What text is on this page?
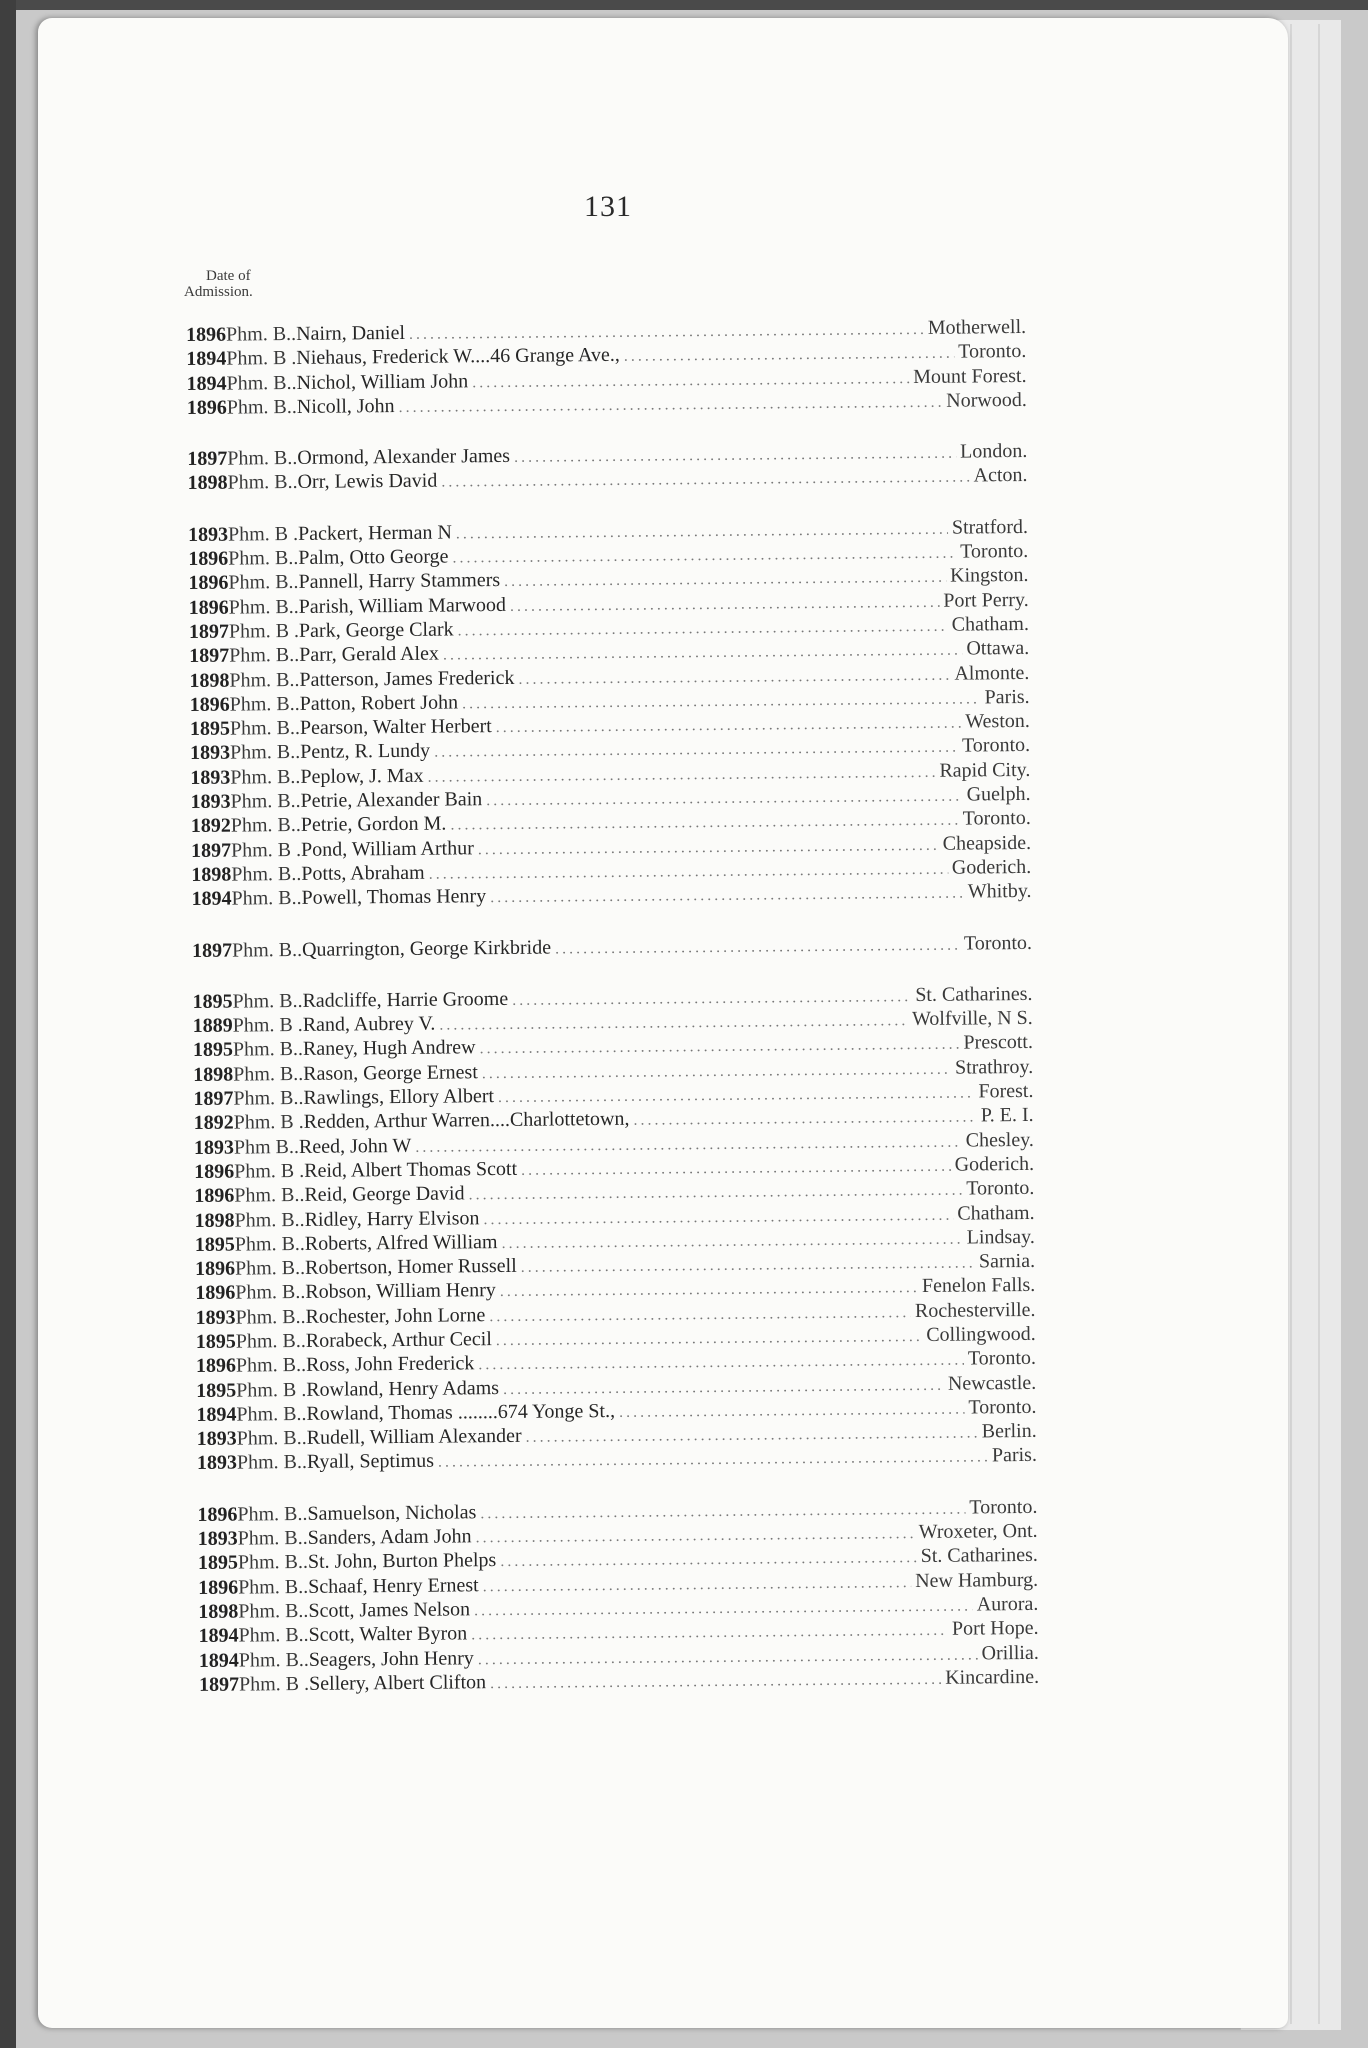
131
Date of
Admission.
1896 Phm. B.. Nairn, Daniel .....	Motherwell.
1894 Phm. B . Niehaus, Frederick W....46 Grange Ave., .....	Toronto.
1894 Phm. B.. Nichol, William John .....	Mount Forest.
1896 Phm. B.. Nicoll, John .....	Norwood.
1897 Phm. B.. Ormond, Alexander James .....	London.
1898 Phm. B.. Orr, Lewis David .....	Acton.
1893 Phm. B . Packert, Herman N .....	Stratford.
1896 Phm. B.. Palm, Otto George .....	Toronto.
1896 Phm. B.. Pannell, Harry Stammers .....	Kingston.
1896 Phm. B.. Parish, William Marwood .....	Port Perry.
1897 Phm. B . Park, George Clark .....	Chatham.
1897 Phm. B.. Parr, Gerald Alex .....	Ottawa.
1898 Phm. B.. Patterson, James Frederick .....	Almonte.
1896 Phm. B.. Patton, Robert John .....	Paris.
1895 Phm. B.. Pearson, Walter Herbert .....	Weston.
1893 Phm. B.. Pentz, R. Lundy .....	Toronto.
1893 Phm. B.. Peplow, J. Max .....	Rapid City.
1893 Phm. B.. Petrie, Alexander Bain .....	Guelph.
1892 Phm. B.. Petrie, Gordon M. .....	Toronto.
1897 Phm. B . Pond, William Arthur .....	Cheapside.
1898 Phm. B.. Potts, Abraham .....	Goderich.
1894 Phm. B.. Powell, Thomas Henry .....	Whitby.
1897 Phm. B.. Quarrington, George Kirkbride .....	Toronto.
1895 Phm. B.. Radcliffe, Harrie Groome .....	St. Catharines.
1889 Phm. B . Rand, Aubrey V. .....	Wolfville, N S.
1895 Phm. B.. Raney, Hugh Andrew .....	Prescott.
1898 Phm. B.. Rason, George Ernest .....	Strathroy.
1897 Phm. B.. Rawlings, Ellory Albert .....	Forest.
1892 Phm. B . Redden, Arthur Warren....Charlottetown, .....	P. E. I.
1893 Phm B.. Reed, John W .....	Chesley.
1896 Phm. B . Reid, Albert Thomas Scott .....	Goderich.
1896 Phm. B.. Reid, George David .....	Toronto.
1898 Phm. B.. Ridley, Harry Elvison .....	Chatham.
1895 Phm. B.. Roberts, Alfred William .....	Lindsay.
1896 Phm. B.. Robertson, Homer Russell .....	Sarnia.
1896 Phm. B.. Robson, William Henry .....	Fenelon Falls.
1893 Phm. B.. Rochester, John Lorne .....	Rochesterville.
1895 Phm. B.. Rorabeck, Arthur Cecil .....	Collingwood.
1896 Phm. B.. Ross, John Frederick .....	Toronto.
1895 Phm. B . Rowland, Henry Adams .....	Newcastle.
1894 Phm. B.. Rowland, Thomas ........674 Yonge St., .....	Toronto.
1893 Phm. B.. Rudell, William Alexander .....	Berlin.
1893 Phm. B.. Ryall, Septimus .....	Paris.
1896 Phm. B.. Samuelson, Nicholas .....	Toronto.
1893 Phm. B.. Sanders, Adam John .....	Wroxeter, Ont.
1895 Phm. B.. St. John, Burton Phelps .....	St. Catharines.
1896 Phm. B.. Schaaf, Henry Ernest .....	New Hamburg.
1898 Phm. B.. Scott, James Nelson .....	Aurora.
1894 Phm. B.. Scott, Walter Byron .....	Port Hope.
1894 Phm. B.. Seagers, John Henry .....	Orillia.
1897 Phm. B . Sellery, Albert Clifton .....	Kincardine.
